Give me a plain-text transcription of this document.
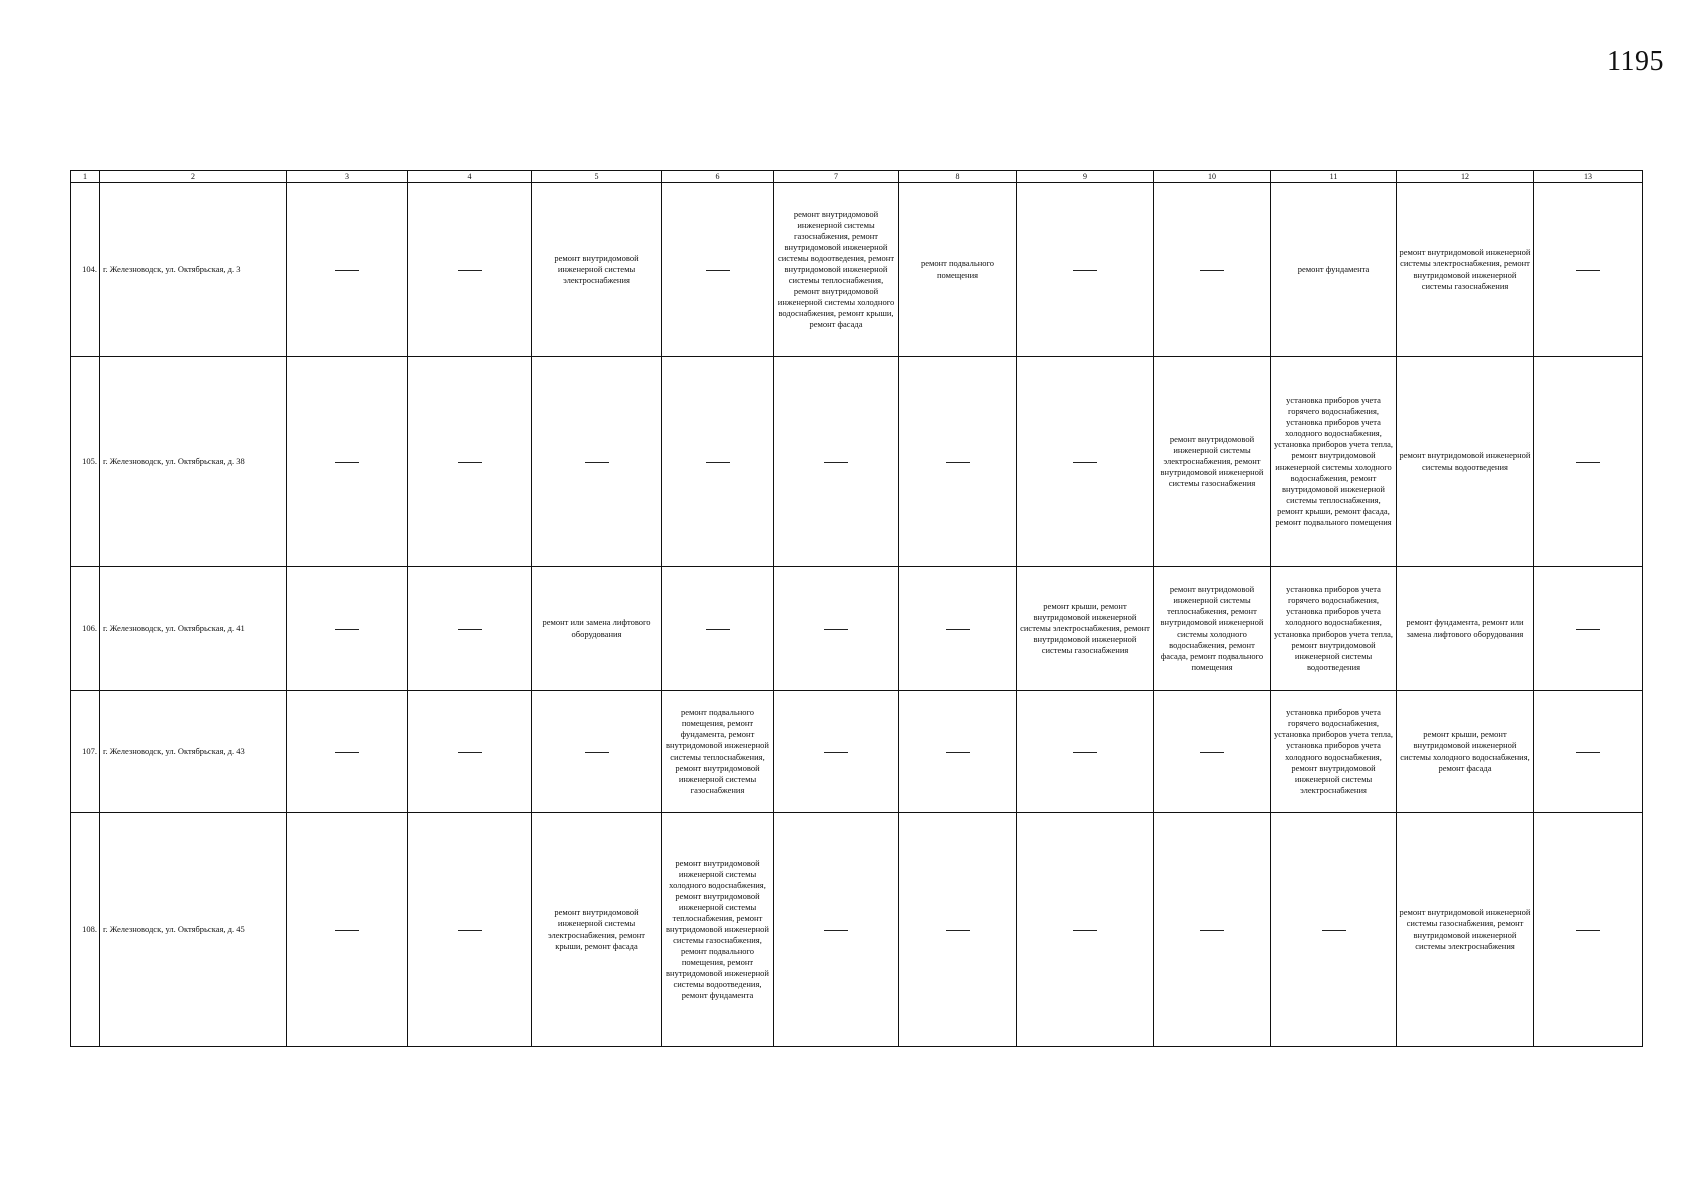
1195
1	2	3	4	5	6	7	8	9	10	11	12	13
104.	г. Железноводск, ул. Октябрьская, д. 3			ремонт внутридомовой инженерной системы электроснабжения		ремонт внутридомовой инженерной системы газоснабжения, ремонт внутридомовой инженерной системы водоотведения, ремонт внутридомовой инженерной системы теплоснабжения, ремонт внутридомовой инженерной системы холодного водоснабжения, ремонт крыши, ремонт фасада	ремонт подвального помещения			ремонт фундамента	ремонт внутридомовой инженерной системы электроснабжения, ремонт внутридомовой инженерной системы газоснабжения	
105.	г. Железноводск, ул. Октябрьская, д. 38								ремонт внутридомовой инженерной системы электроснабжения, ремонт внутридомовой инженерной системы газоснабжения	установка приборов учета горячего водоснабжения, установка приборов учета холодного водоснабжения, установка приборов учета тепла, ремонт внутридомовой инженерной системы холодного водоснабжения, ремонт внутридомовой инженерной системы теплоснабжения, ремонт крыши, ремонт фасада, ремонт подвального помещения	ремонт внутридомовой инженерной системы водоотведения	
106.	г. Железноводск, ул. Октябрьская, д. 41			ремонт или замена лифтового оборудования				ремонт крыши, ремонт внутридомовой инженерной системы электроснабжения, ремонт внутридомовой инженерной системы газоснабжения	ремонт внутридомовой инженерной системы теплоснабжения, ремонт внутридомовой инженерной системы холодного водоснабжения, ремонт фасада, ремонт подвального помещения	установка приборов учета горячего водоснабжения, установка приборов учета холодного водоснабжения, установка приборов учета тепла, ремонт внутридомовой инженерной системы водоотведения	ремонт фундамента, ремонт или замена лифтового оборудования	
107.	г. Железноводск, ул. Октябрьская, д. 43				ремонт подвального помещения, ремонт фундамента, ремонт внутридомовой инженерной системы теплоснабжения, ремонт внутридомовой инженерной системы газоснабжения					установка приборов учета горячего водоснабжения, установка приборов учета тепла, установка приборов учета холодного водоснабжения, ремонт внутридомовой инженерной системы электроснабжения	ремонт крыши, ремонт внутридомовой инженерной системы холодного водоснабжения, ремонт фасада	
108.	г. Железноводск, ул. Октябрьская, д. 45			ремонт внутридомовой инженерной системы электроснабжения, ремонт крыши, ремонт фасада	ремонт внутридомовой инженерной системы холодного водоснабжения, ремонт внутридомовой инженерной системы теплоснабжения, ремонт внутридомовой инженерной системы газоснабжения, ремонт подвального помещения, ремонт внутридомовой инженерной системы водоотведения, ремонт фундамента						ремонт внутридомовой инженерной системы газоснабжения, ремонт внутридомовой инженерной системы электроснабжения	
